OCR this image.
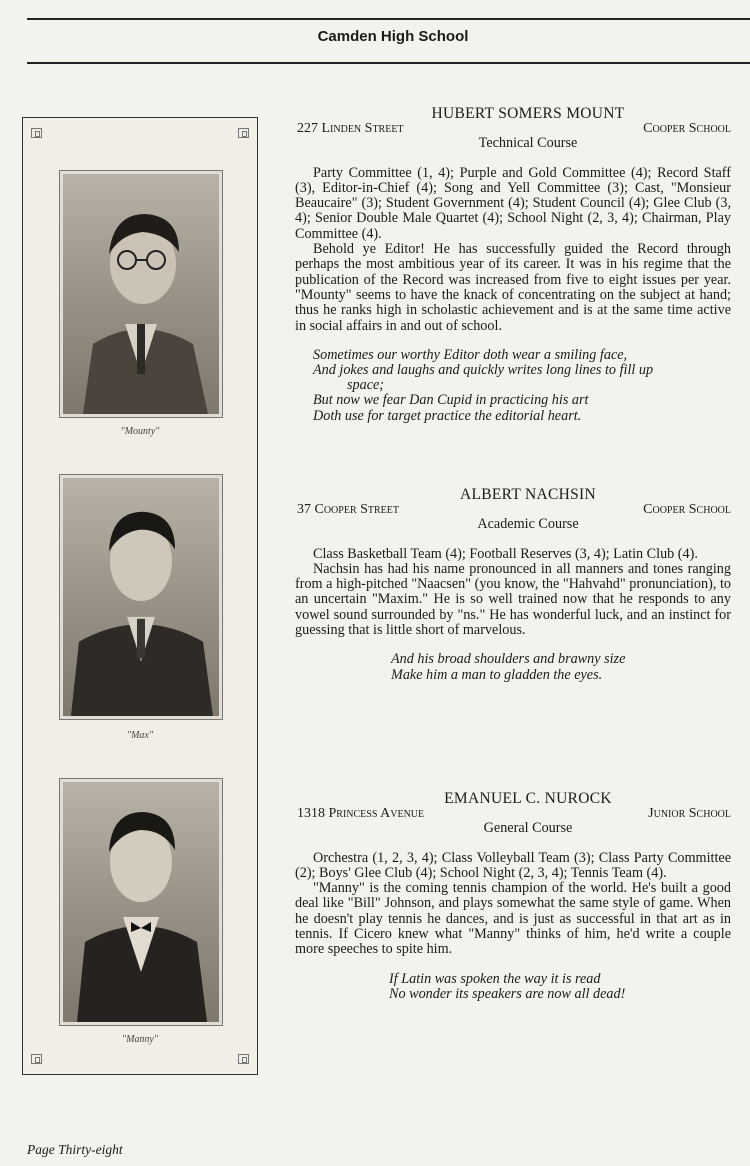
Camden High School
"Mounty"
"Max"
"Manny"
HUBERT SOMERS MOUNT
227 Linden Street	Cooper School
Technical Course
Party Committee (1, 4); Purple and Gold Committee (4); Record Staff (3), Editor-in-Chief (4); Song and Yell Committee (3); Cast, "Monsieur Beaucaire" (3); Student Government (4); Student Council (4); Glee Club (3, 4); Senior Double Male Quartet (4); School Night (2, 3, 4); Chairman, Play Committee (4).
Behold ye Editor! He has successfully guided the Record through perhaps the most ambitious year of its career. It was in his regime that the publication of the Record was increased from five to eight issues per year. "Mounty" seems to have the knack of concentrating on the subject at hand; thus he ranks high in scholastic achievement and is at the same time active in social affairs in and out of school.
Sometimes our worthy Editor doth wear a smiling face,
And jokes and laughs and quickly writes long lines to fill up
space;
But now we fear Dan Cupid in practicing his art
Doth use for target practice the editorial heart.
ALBERT NACHSIN
37 Cooper Street	Cooper School
Academic Course
Class Basketball Team (4); Football Reserves (3, 4); Latin Club (4).
Nachsin has had his name pronounced in all manners and tones ranging from a high-pitched "Naacsen" (you know, the "Hahvahd" pronunciation), to an uncertain "Maxim." He is so well trained now that he responds to any vowel sound surrounded by "ns." He has wonderful luck, and an instinct for guessing that is little short of marvelous.
And his broad shoulders and brawny size
Make him a man to gladden the eyes.
EMANUEL C. NUROCK
1318 Princess Avenue	Junior School
General Course
Orchestra (1, 2, 3, 4); Class Volleyball Team (3); Class Party Committee (2); Boys' Glee Club (4); School Night (2, 3, 4); Tennis Team (4).
"Manny" is the coming tennis champion of the world. He's built a good deal like "Bill" Johnson, and plays somewhat the same style of game. When he doesn't play tennis he dances, and is just as successful in that art as in tennis. If Cicero knew what "Manny" thinks of him, he'd write a couple more speeches to spite him.
If Latin was spoken the way it is read
No wonder its speakers are now all dead!
Page Thirty-eight
